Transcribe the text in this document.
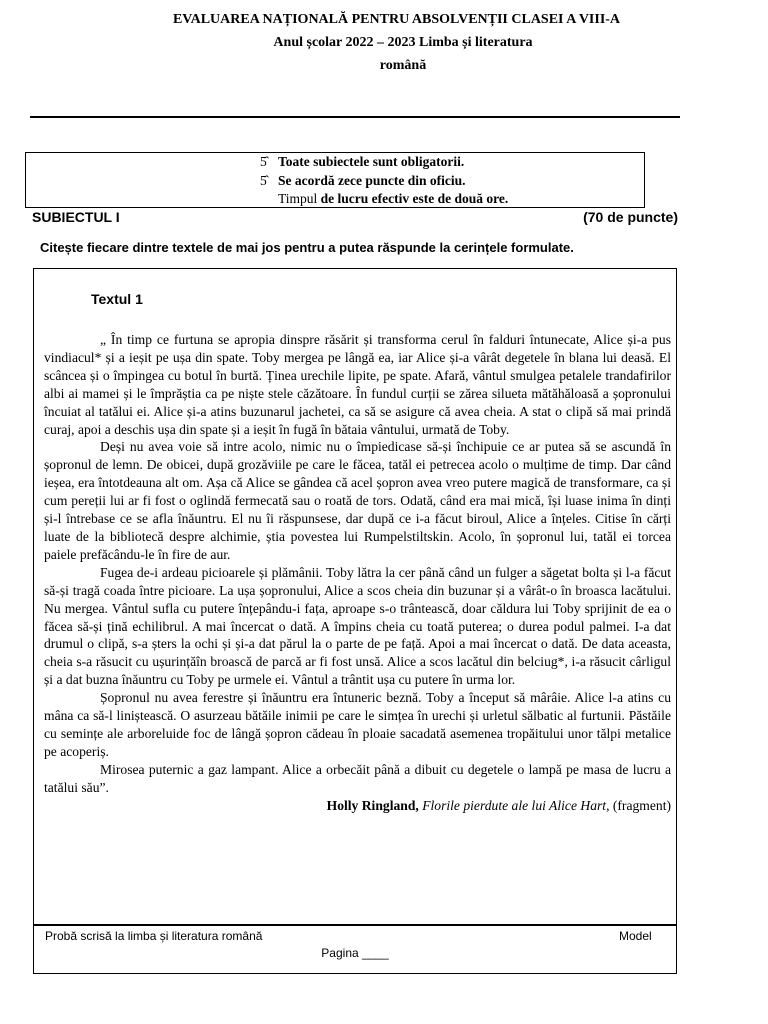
EVALUAREA NAȚIONALĂ PENTRU ABSOLVENȚII CLASEI A VIII-A
Anul școlar 2022 – 2023 Limba și literatura
română
5̂ Toate subiectele sunt obligatorii.
5̂ Se acordă zece puncte din oficiu.
Timpul de lucru efectiv este de două ore.
SUBIECTUL I	(70 de puncte)
Citește fiecare dintre textele de mai jos pentru a putea răspunde la cerințele formulate.
Textul 1

„ În timp ce furtuna se apropia dinspre răsărit și transforma cerul în falduri întunecate, Alice și-a pus vindiacul* și a ieșit pe ușa din spate. Toby mergea pe lângă ea, iar Alice și-a vârât degetele în blana lui deasă. El scâncea și o împingea cu botul în burtă. Ținea urechile lipite, pe spate. Afară, vântul smulgea petalele trandafirilor albi ai mamei și le împrăștia ca pe niște stele căzătoare. În fundul curții se zărea silueta mătăhăloasă a șopronului încuiat al tatălui ei. Alice și-a atins buzunarul jachetei, ca să se asigure că avea cheia. A stat o clipă să mai prindă curaj, apoi a deschis ușa din spate și a ieșit în fugă în bătaia vântului, urmată de Toby.

Deși nu avea voie să intre acolo, nimic nu o împiedicase să-și închipuie ce ar putea să se ascundă în șopronul de lemn. De obicei, după grozăviile pe care le făcea, tatăl ei petrecea acolo o mulțime de timp. Dar când ieșea, era întotdeauna alt om. Așa că Alice se gândea că acel șopron avea vreo putere magică de transformare, ca și cum pereții lui ar fi fost o oglindă fermecată sau o roată de tors. Odată, când era mai mică, își luase inima în dinți și-l întrebase ce se afla înăuntru. El nu îi răspunsese, dar după ce i-a făcut biroul, Alice a înțeles. Citise în cărți luate de la bibliotecă despre alchimie, știa povestea lui Rumpelstiltskin. Acolo, în șopronul lui, tatăl ei torcea paiele prefăcându-le în fire de aur.

Fugea de-i ardeau picioarele și plămânii. Toby lătra la cer până când un fulger a săgetat bolta și l-a făcut să-și tragă coada între picioare. La ușa șopronului, Alice a scos cheia din buzunar și a vârât-o în broasca lacătului. Nu mergea. Vântul sufla cu putere înțepându-i fața, aproape s-o trântească, doar căldura lui Toby sprijinit de ea o făcea să-și țină echilibrul. A mai încercat o dată. A împins cheia cu toată puterea; o durea podul palmei. I-a dat drumul o clipă, s-a șters la ochi și și-a dat părul la o parte de pe față. Apoi a mai încercat o dată. De data aceasta, cheia s-a răsucit cu ușurințăîn broască de parcă ar fi fost unsă. Alice a scos lacătul din belciug*, i-a răsucit cârligul și a dat buzna înăuntru cu Toby pe urmele ei. Vântul a trântit ușa cu putere în urma lor.

Șopronul nu avea ferestre și înăuntru era întuneric beznă. Toby a început să mârâie. Alice l-a atins cu mâna ca să-l liniștească. O asurzeau bătăile inimii pe care le simțea în urechi și urletul sălbatic al furtunii. Păstăile cu semințe ale arboreluide foc de lângă șopron cădeau în ploaie sacadată asemenea tropăitului unor tălpi metalice pe acoperiș.

Mirosea puternic a gaz lampant. Alice a orbecăit până a dibuit cu degetele o lampă pe masa de lucru a tatălui său”.

Holly Ringland, Florile pierdute ale lui Alice Hart, (fragment)

Probă scrisă la limba și literatura română	Model
Pagina ____
